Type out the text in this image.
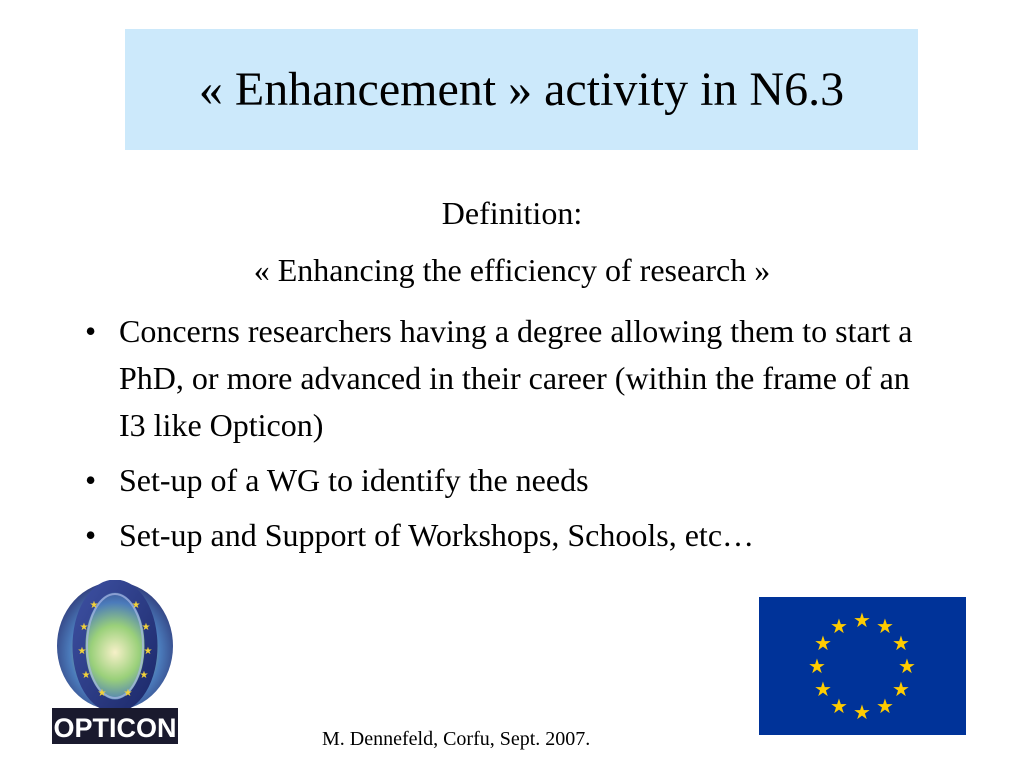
« Enhancement » activity in N6.3
Definition:
« Enhancing the efficiency of research »
• Concerns researchers having a degree allowing them to start a PhD, or more advanced in their career (within the frame of an I3 like Opticon)
• Set-up of a WG to identify the needs
• Set-up and Support of Workshops, Schools, etc…
★	★
★	★
★	★
★	★
★ ★
OPTICON
★ ★
★
★
★
★
★
★
★
★
★
★
M. Dennefeld, Corfu, Sept. 2007.
